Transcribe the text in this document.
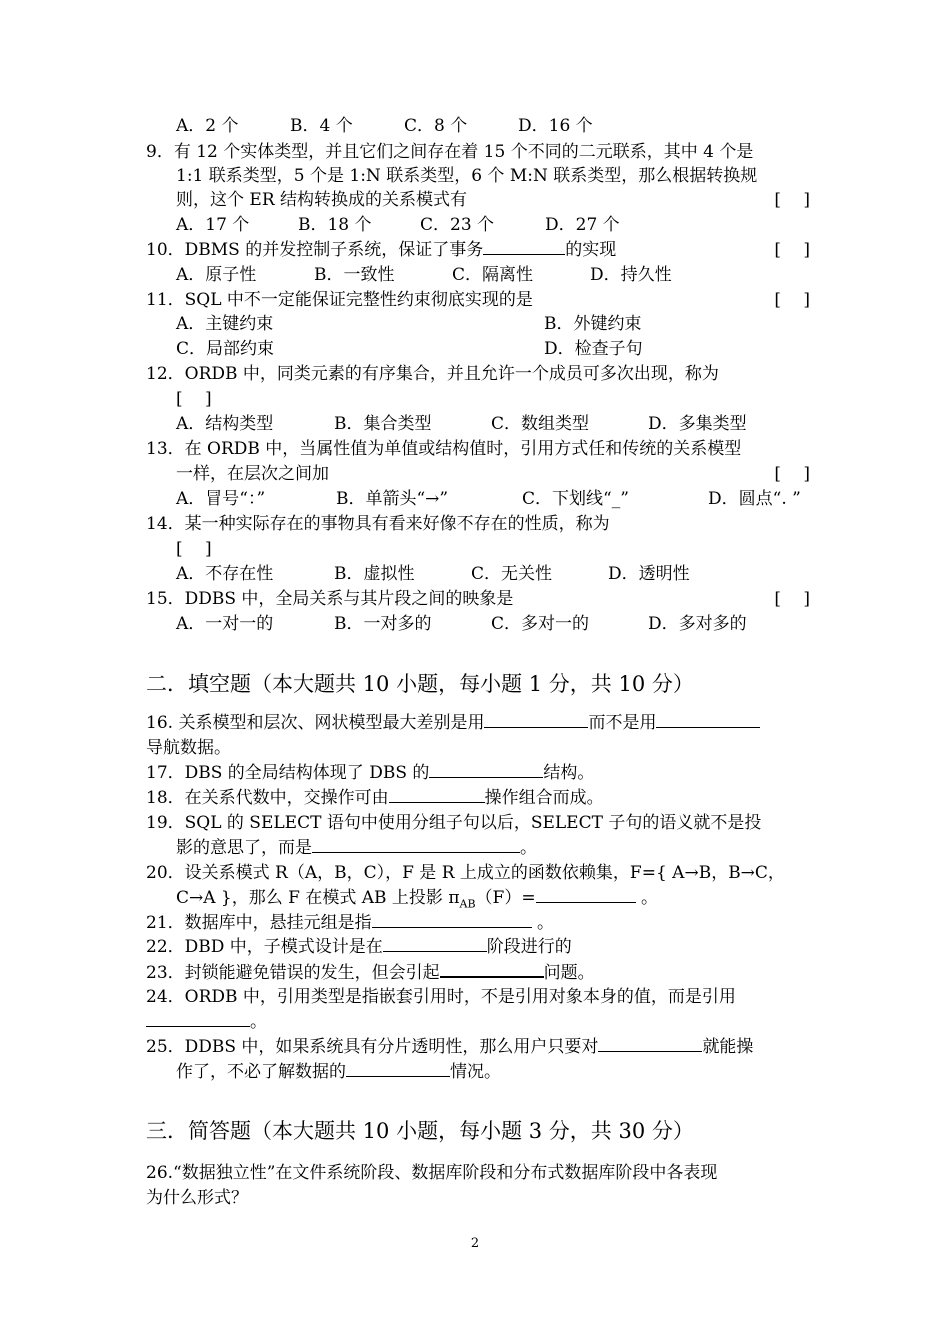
A．2 个	B．4 个	C．8 个	D．16 个
9．有 12 个实体类型，并且它们之间存在着 15 个不同的二元联系，其中 4 个是
1:1 联系类型，5 个是 1:N 联系类型，6 个 M:N 联系类型，那么根据转换规
则，这个 ER 结构转换成的关系模式有	[　 ]
A．17 个	B．18 个	C．23 个	D．27 个
10．DBMS 的并发控制子系统，保证了事务	的实现	[　 ]
A．原子性	B．一致性	C．隔离性	D．持久性
11．SQL 中不一定能保证完整性约束彻底实现的是	[　 ]
A．主键约束	B．外键约束
C．局部约束	D．检查子句
12．ORDB 中，同类元素的有序集合，并且允许一个成员可多次出现，称为
[　 ]
A．结构类型	B．集合类型	C．数组类型	D．多集类型
13．在 ORDB 中，当属性值为单值或结构值时，引用方式任和传统的关系模型
一样，在层次之间加	[　 ]
A．冒号“：”	B．单箭头“→”	C．下划线“_”	D．圆点“. ”
14．某一种实际存在的事物具有看来好像不存在的性质，称为
[　 ]
A．不存在性	B．虚拟性	C．无关性	D．透明性
15．DDBS 中，全局关系与其片段之间的映象是	[　 ]
A．一对一的	B．一对多的	C．多对一的	D．多对多的
二．填空题（本大题共 10 小题，每小题 1 分，共 10 分）
16. 关系模型和层次、网状模型最大差别是用	而不是用
导航数据。
17．DBS 的全局结构体现了 DBS 的	结构。
18．在关系代数中，交操作可由	操作组合而成。
19．SQL 的 SELECT 语句中使用分组子句以后，SELECT 子句的语义就不是投
影的意思了，而是	。
20．设关系模式 R（A，B，C），F 是 R 上成立的函数依赖集，F={ A→B，B→C，
C→A }，那么 F 在模式 AB 上投影 $\pi_{AB}(F)=$	。
21．数据库中，悬挂元组是指	。
22．DBD 中，子模式设计是在	阶段进行的
23．封锁能避免错误的发生，但会引起	问题。
24．ORDB 中，引用类型是指嵌套引用时，不是引用对象本身的值，而是引用
。
25．DDBS 中，如果系统具有分片透明性，那么用户只要对	就能操
作了，不必了解数据的	情况。
三．简答题（本大题共 10 小题，每小题 3 分，共 30 分）
26.“数据独立性”在文件系统阶段、数据库阶段和分布式数据库阶段中各表现
为什么形式？
2
